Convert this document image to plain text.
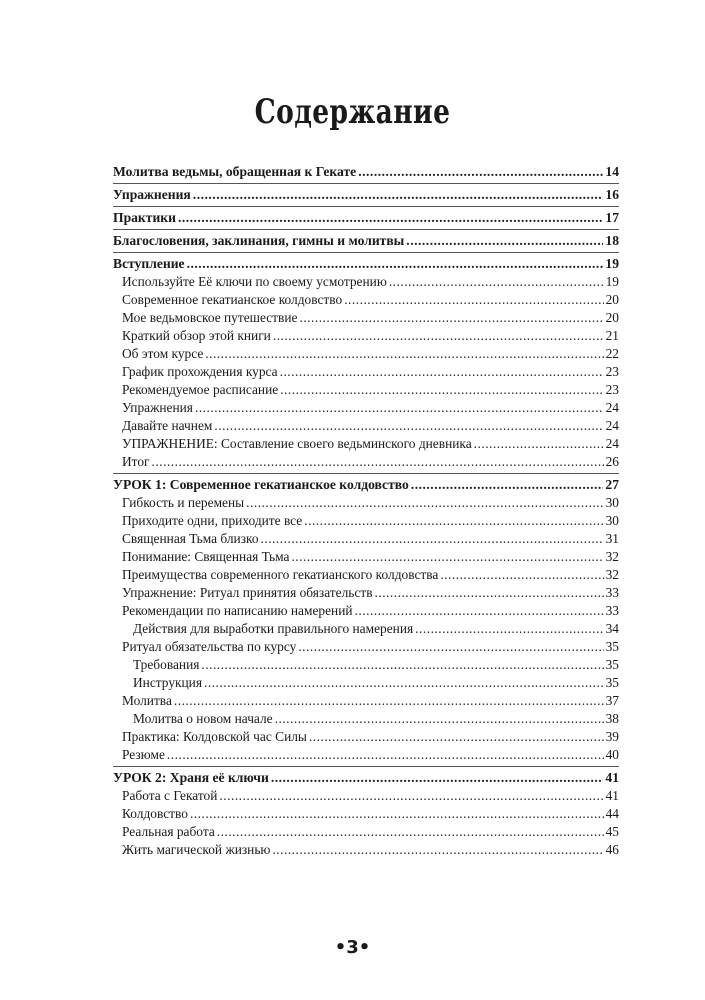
Содержание
Молитва ведьмы, обращенная к Гекате .....	14
Упражнения .....	16
Практики .....	17
Благословения, заклинания, гимны и молитвы .....	18
Вступление .....	19
Используйте Её ключи по своему усмотрению .....	19
Современное гекатианское колдовство .....	20
Мое ведьмовское путешествие .....	20
Краткий обзор этой книги .....	21
Об этом курсе .....	22
График прохождения курса .....	23
Рекомендуемое расписание .....	23
Упражнения .....	24
Давайте начнем .....	24
УПРАЖНЕНИЕ: Составление своего ведьминского дневника .....	24
Итог .....	26
УРОК 1: Современное гекатианское колдовство .....	27
Гибкость и перемены .....	30
Приходите одни, приходите все .....	30
Священная Тьма близко .....	31
Понимание: Священная Тьма .....	32
Преимущества современного гекатианского колдовства .....	32
Упражнение: Ритуал принятия обязательств .....	33
Рекомендации по написанию намерений .....	33
Действия для выработки правильного намерения .....	34
Ритуал обязательства по курсу .....	35
Требования .....	35
Инструкция .....	35
Молитва .....	37
Молитва о новом начале .....	38
Практика: Колдовской час Силы .....	39
Резюме .....	40
УРОК 2: Храня её ключи .....	41
Работа с Гекатой .....	41
Колдовство .....	44
Реальная работа .....	45
Жить магической жизнью .....	46
•3•
